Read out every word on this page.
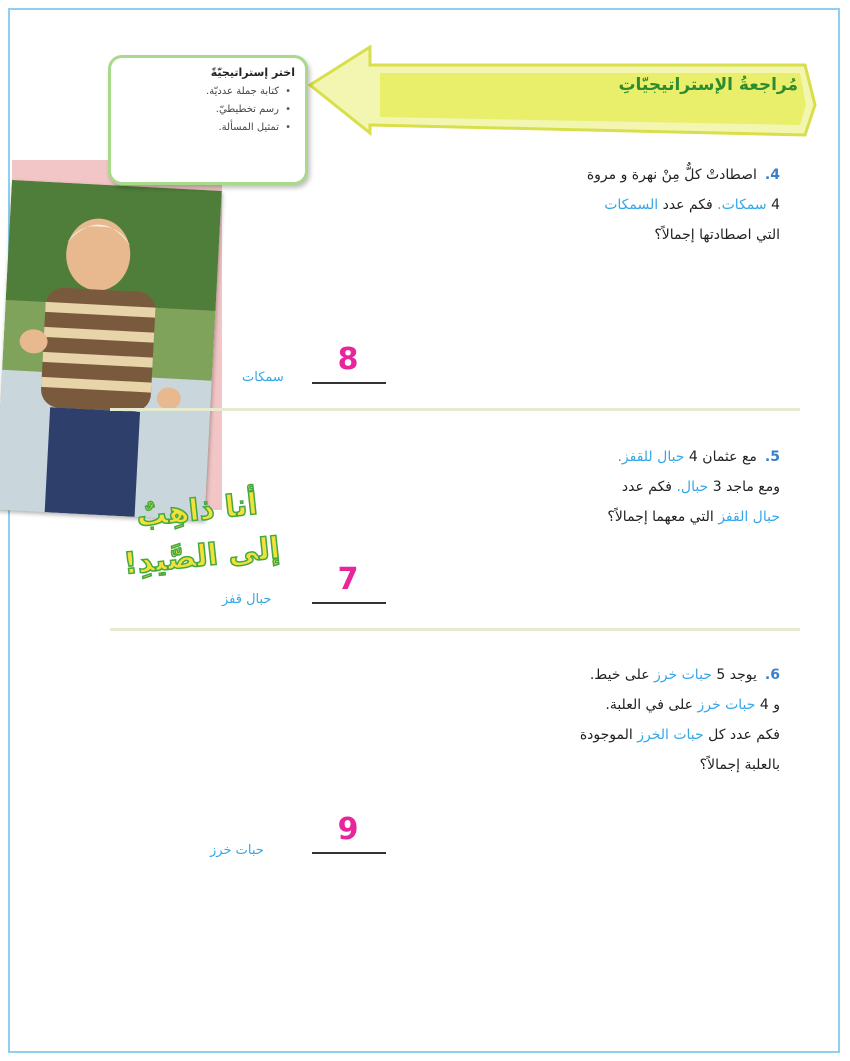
مُراجعةُ الإستراتيجيّاتِ
اختر إستراتيجيّةً
• كتابة جملة عدديّة.
• رسم تخطيطيّ.
• تمثيل المسألة.
أنا ذاهِبٌ
إلى الصَّيدِ!
4.اصطادتْ كلٌّ مِنْ نهرة و مروة
4 سمكات. فكم عدد السمكات
التي اصطادتها إجمالاً؟
8
سمكات
5.مع عثمان 4 حبال للقفز.
ومع ماجد 3 حبال. فكم عدد
حبال القفز التي معهما إجمالاً؟
7
حبال قفز
6.يوجد 5 حبات خرز على خيط.
و 4 حبات خرز على في العلبة.
فكم عدد كل حبات الخرز الموجودة
بالعلبة إجمالاً؟
9
حبات خرز
